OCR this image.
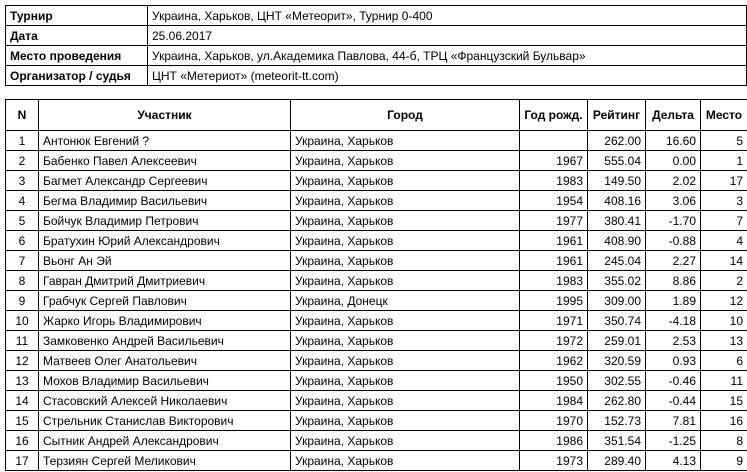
Турнир	Украина, Харьков, ЦНТ «Метеорит», Турнир 0-400
Дата	25.06.2017
Место проведения	Украина, Харьков, ул.Академика Павлова, 44-б, ТРЦ «Французский Бульвар»
Организатор / судья	ЦНТ «Метериот» (meteorit-tt.com)
N	Участник	Город	Год рожд.	Рейтинг	Дельта	Место
1	Антонюк Евгений ?	Украина, Харьков		262.00	16.60	5
2	Бабенко Павел Алексеевич	Украина, Харьков	1967	555.04	0.00	1
3	Багмет Александр Сергеевич	Украина, Харьков	1983	149.50	2.02	17
4	Бегма Владимир Васильевич	Украина, Харьков	1954	408.16	3.06	3
5	Бойчук Владимир Петрович	Украина, Харьков	1977	380.41	-1.70	7
6	Братухин Юрий Александрович	Украина, Харьков	1961	408.90	-0.88	4
7	Вьонг Ан Эй	Украина, Харьков	1961	245.04	2.27	14
8	Гавран Дмитрий Дмитриевич	Украина, Харьков	1983	355.02	8.86	2
9	Грабчук Сергей Павлович	Украина, Донецк	1995	309.00	1.89	12
10	Жарко Игорь Владимирович	Украина, Харьков	1971	350.74	-4.18	10
11	Замковенко Андрей Васильевич	Украина, Харьков	1972	259.01	2.53	13
12	Матвеев Олег Анатольевич	Украина, Харьков	1962	320.59	0.93	6
13	Мохов Владимир Васильевич	Украина, Харьков	1950	302.55	-0.46	11
14	Стасовский Алексей Николаевич	Украина, Харьков	1984	262.80	-0.44	15
15	Стрельник Станислав Викторович	Украина, Харьков	1970	152.73	7.81	16
16	Сытник Андрей Александрович	Украина, Харьков	1986	351.54	-1.25	8
17	Терзиян Сергей Меликович	Украина, Харьков	1973	289.40	4.13	9
